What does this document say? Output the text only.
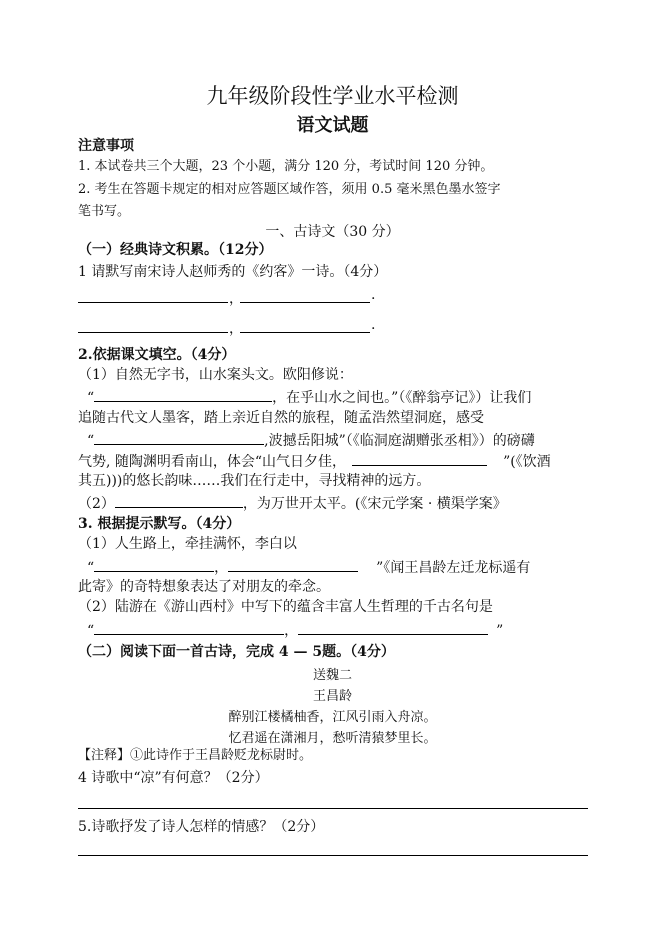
九年级阶段性学业水平检测
语文试题
注意事项
1. 本试卷共三个大题，23 个小题，满分 120 分，考试时间 120 分钟。
2. 考生在答题卡规定的相对应答题区域作答，须用 0.5 毫米黑色墨水签字
笔书写。
一、古诗文（30 分）
（一）经典诗文积累。（12分）
1 请默写南宋诗人赵师秀的《约客》一诗。（4分）
，	.
，	.
2.依据课文填空。（4分）
（1）自然无字书，山水案头文。欧阳修说：
“	，在乎山水之间也。”（《醉翁亭记》）让我们
追随古代文人墨客，踏上亲近自然的旅程，随孟浩然望洞庭，感受
“	,波撼岳阳城”（《临洞庭湖赠张丞相》）的磅礴
气势, 随陶渊明看南山，体会“山气日夕佳，	”(《饮酒
其五)))的悠长韵味……我们在行走中，寻找精神的远方。
（2）	，为万世开太平。(《宋元学案 · 横渠学案》
3. 根据提示默写。（4分）
（1）人生路上，牵挂满怀，李白以
“	，	”《闻王昌龄左迁龙标遥有
此寄》的奇特想象表达了对朋友的牵念。
（2）陆游在《游山西村》中写下的蕴含丰富人生哲理的千古名句是
“	，	”
（二）阅读下面一首古诗，完成 4 — 5题。（4分）
送魏二
王昌龄
醉别江楼橘柚香，江风引雨入舟凉。
忆君遥在潇湘月，愁听清猿梦里长。
【注释】①此诗作于王昌龄贬龙标尉时。
4 诗歌中“凉”有何意？（2分）
5.诗歌抒发了诗人怎样的情感？（2分）
